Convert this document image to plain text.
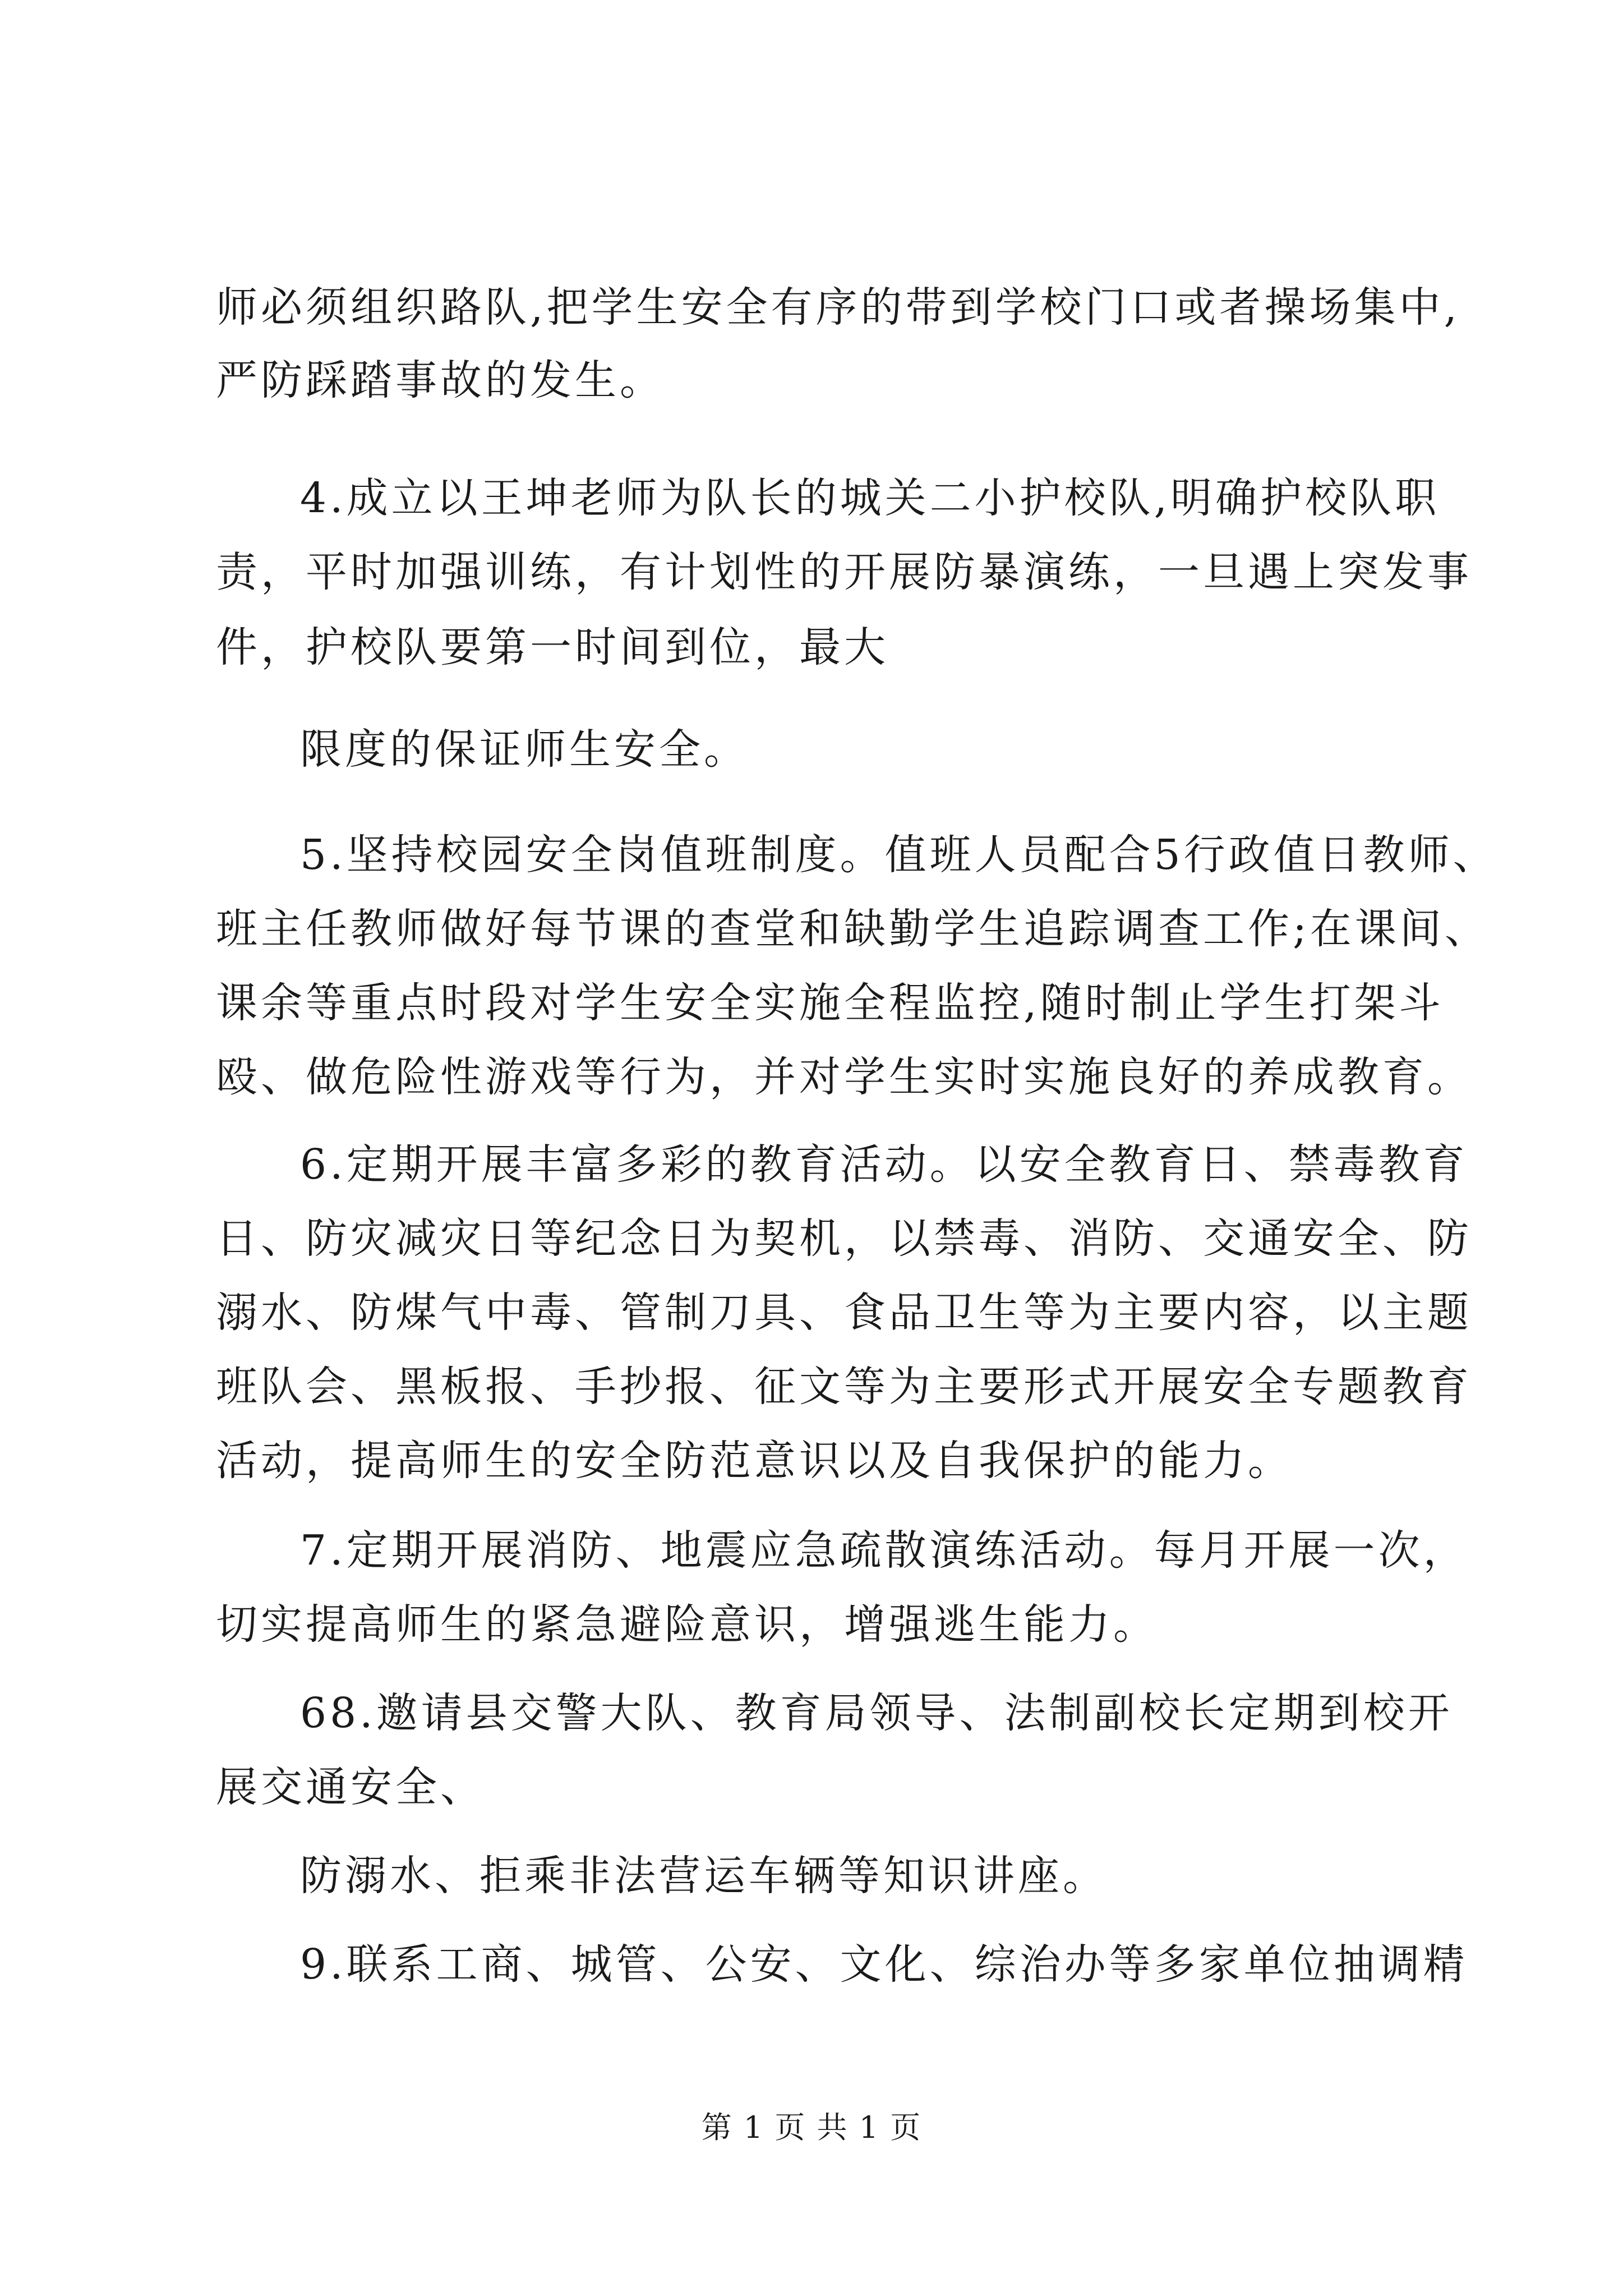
师必须组织路队,把学生安全有序的带到学校门口或者操场集中,
严防踩踏事故的发生。
4.成立以王坤老师为队长的城关二小护校队,明确护校队职
责，平时加强训练，有计划性的开展防暴演练，一旦遇上突发事
件，护校队要第一时间到位，最大
限度的保证师生安全。
5.坚持校园安全岗值班制度。值班人员配合5行政值日教师、
班主任教师做好每节课的查堂和缺勤学生追踪调查工作;在课间、
课余等重点时段对学生安全实施全程监控,随时制止学生打架斗
殴、做危险性游戏等行为，并对学生实时实施良好的养成教育。
6.定期开展丰富多彩的教育活动。以安全教育日、禁毒教育
日、防灾减灾日等纪念日为契机，以禁毒、消防、交通安全、防
溺水、防煤气中毒、管制刀具、食品卫生等为主要内容，以主题
班队会、黑板报、手抄报、征文等为主要形式开展安全专题教育
活动，提高师生的安全防范意识以及自我保护的能力。
7.定期开展消防、地震应急疏散演练活动。每月开展一次，
切实提高师生的紧急避险意识，增强逃生能力。
68.邀请县交警大队、教育局领导、法制副校长定期到校开
展交通安全、
防溺水、拒乘非法营运车辆等知识讲座。
9.联系工商、城管、公安、文化、综治办等多家单位抽调精
第 1 页 共 1 页
